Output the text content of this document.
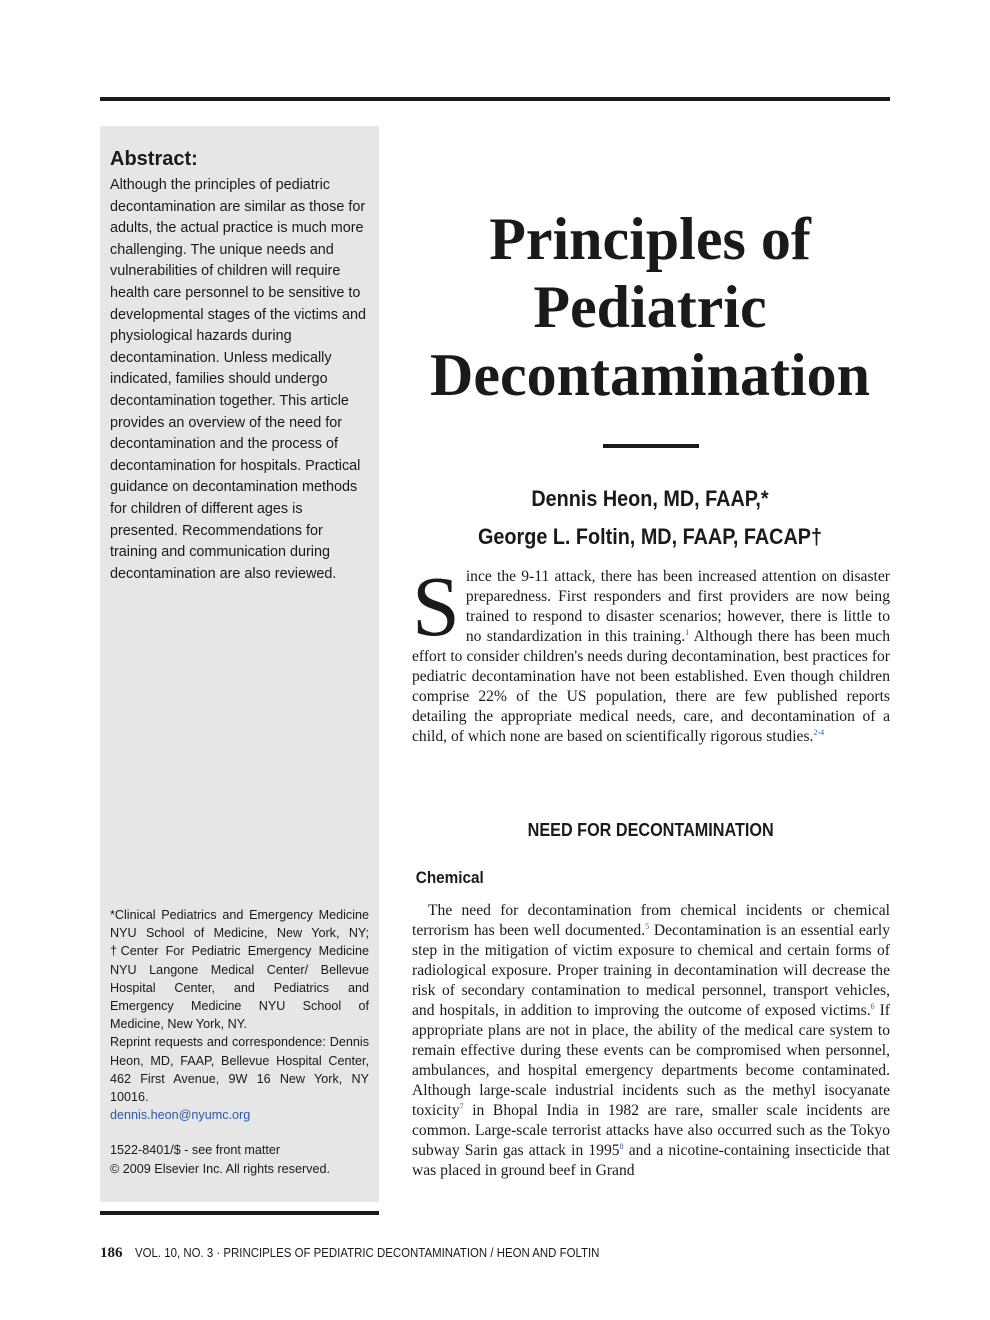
Abstract:

Although the principles of pediatric decontamination are similar as those for adults, the actual practice is much more challenging. The unique needs and vulnerabilities of children will require health care personnel to be sensitive to developmental stages of the victims and physiological hazards during decontamination. Unless medically indicated, families should undergo decontamination together. This article provides an overview of the need for decontamination and the process of decontamination for hospitals. Practical guidance on decontamination methods for children of different ages is presented. Recommendations for training and communication during decontamination are also reviewed.

*Clinical Pediatrics and Emergency Medicine NYU School of Medicine, New York, NY; †Center For Pediatric Emergency Medicine NYU Langone Medical Center/ Bellevue Hospital Center, and Pediatrics and Emergency Medicine NYU School of Medicine, New York, NY.

Reprint requests and correspondence: Dennis Heon, MD, FAAP, Bellevue Hospital Center, 462 First Avenue, 9W 16 New York, NY 10016.

dennis.heon@nyumc.org

1522-8401/$ - see front matter

© 2009 Elsevier Inc. All rights reserved.

Principles of
Pediatric
Decontamination
Dennis Heon, MD, FAAP,*
George L. Foltin, MD, FAAP, FACAP†

Since the 9-11 attack, there has been increased attention on disaster preparedness. First responders and first providers are now being trained to respond to disaster scenarios; however, there is little to no standardization in this training.$^1$ Although there has been much effort to consider children's needs during decontamination, best practices for pediatric decontamination have not been established. Even though children comprise 22% of the US population, there are few published reports detailing the appropriate medical needs, care, and decontamination of a child, of which none are based on scientifically rigorous studies.$^{2-4}$

NEED FOR DECONTAMINATION
Chemical

The need for decontamination from chemical incidents or chemical terrorism has been well documented.$^5$ Decontamination is an essential early step in the mitigation of victim exposure to chemical and certain forms of radiological exposure. Proper training in decontamination will decrease the risk of secondary contamination to medical personnel, transport vehicles, and hospitals, in addition to improving the outcome of exposed victims.$^6$ If appropriate plans are not in place, the ability of the medical care system to remain effective during these events can be compromised when personnel, ambulances, and hospital emergency departments become contaminated. Although large-scale industrial incidents such as the methyl isocyanate toxicity$^7$ in Bhopal India in 1982 are rare, smaller scale incidents are common. Large-scale terrorist attacks have also occurred such as the Tokyo subway Sarin gas attack in 1995$^8$ and a nicotine-containing insecticide that was placed in ground beef in Grand

186 VOL. 10, NO. 3 · PRINCIPLES OF PEDIATRIC DECONTAMINATION / HEON AND FOLTIN
